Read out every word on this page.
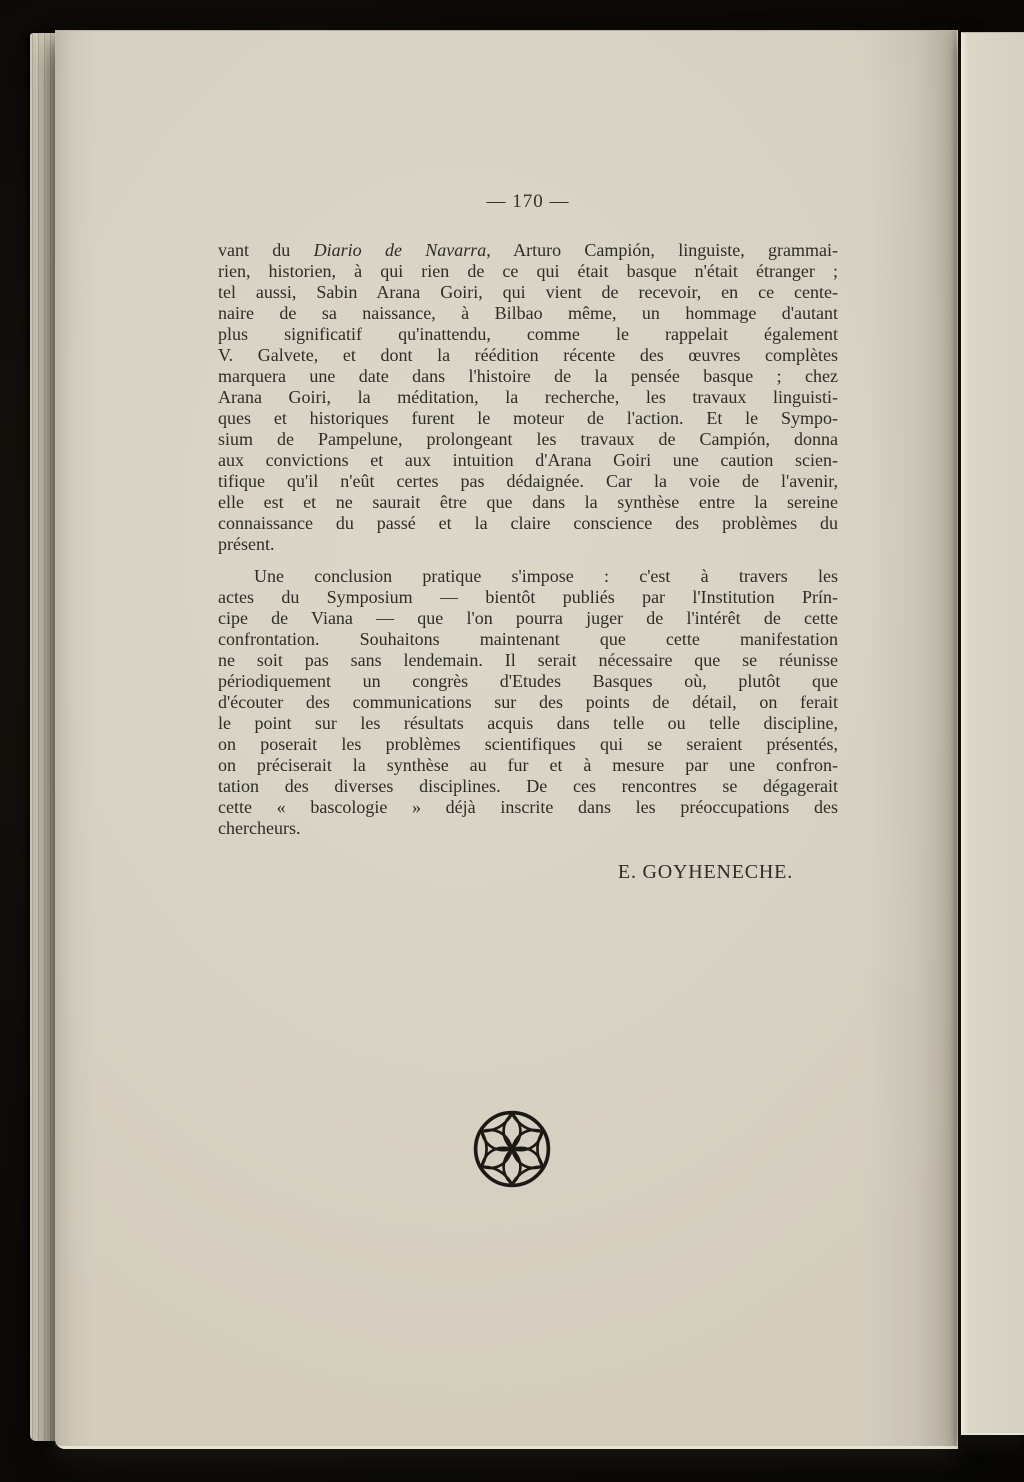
— 170 —
vant du Diario de Navarra, Arturo Campión, linguiste, grammai-
rien, historien, à qui rien de ce qui était basque n'était étranger ;
tel aussi, Sabin Arana Goiri, qui vient de recevoir, en ce cente-
naire de sa naissance, à Bilbao même, un hommage d'autant
plus significatif qu'inattendu, comme le rappelait également
V. Galvete, et dont la réédition récente des œuvres complètes
marquera une date dans l'histoire de la pensée basque ; chez
Arana Goiri, la méditation, la recherche, les travaux linguisti-
ques et historiques furent le moteur de l'action. Et le Sympo-
sium de Pampelune, prolongeant les travaux de Campión, donna
aux convictions et aux intuition d'Arana Goiri une caution scien-
tifique qu'il n'eût certes pas dédaignée. Car la voie de l'avenir,
elle est et ne saurait être que dans la synthèse entre la sereine
connaissance du passé et la claire conscience des problèmes du
présent.
Une conclusion pratique s'impose : c'est à travers les
actes du Symposium — bientôt publiés par l'Institution Prín-
cipe de Viana — que l'on pourra juger de l'intérêt de cette
confrontation. Souhaitons maintenant que cette manifestation
ne soit pas sans lendemain. Il serait nécessaire que se réunisse
périodiquement un congrès d'Etudes Basques où, plutôt que
d'écouter des communications sur des points de détail, on ferait
le point sur les résultats acquis dans telle ou telle discipline,
on poserait les problèmes scientifiques qui se seraient présentés,
on préciserait la synthèse au fur et à mesure par une confron-
tation des diverses disciplines. De ces rencontres se dégagerait
cette « bascologie » déjà inscrite dans les préoccupations des
chercheurs.
E. GOYHENECHE.
